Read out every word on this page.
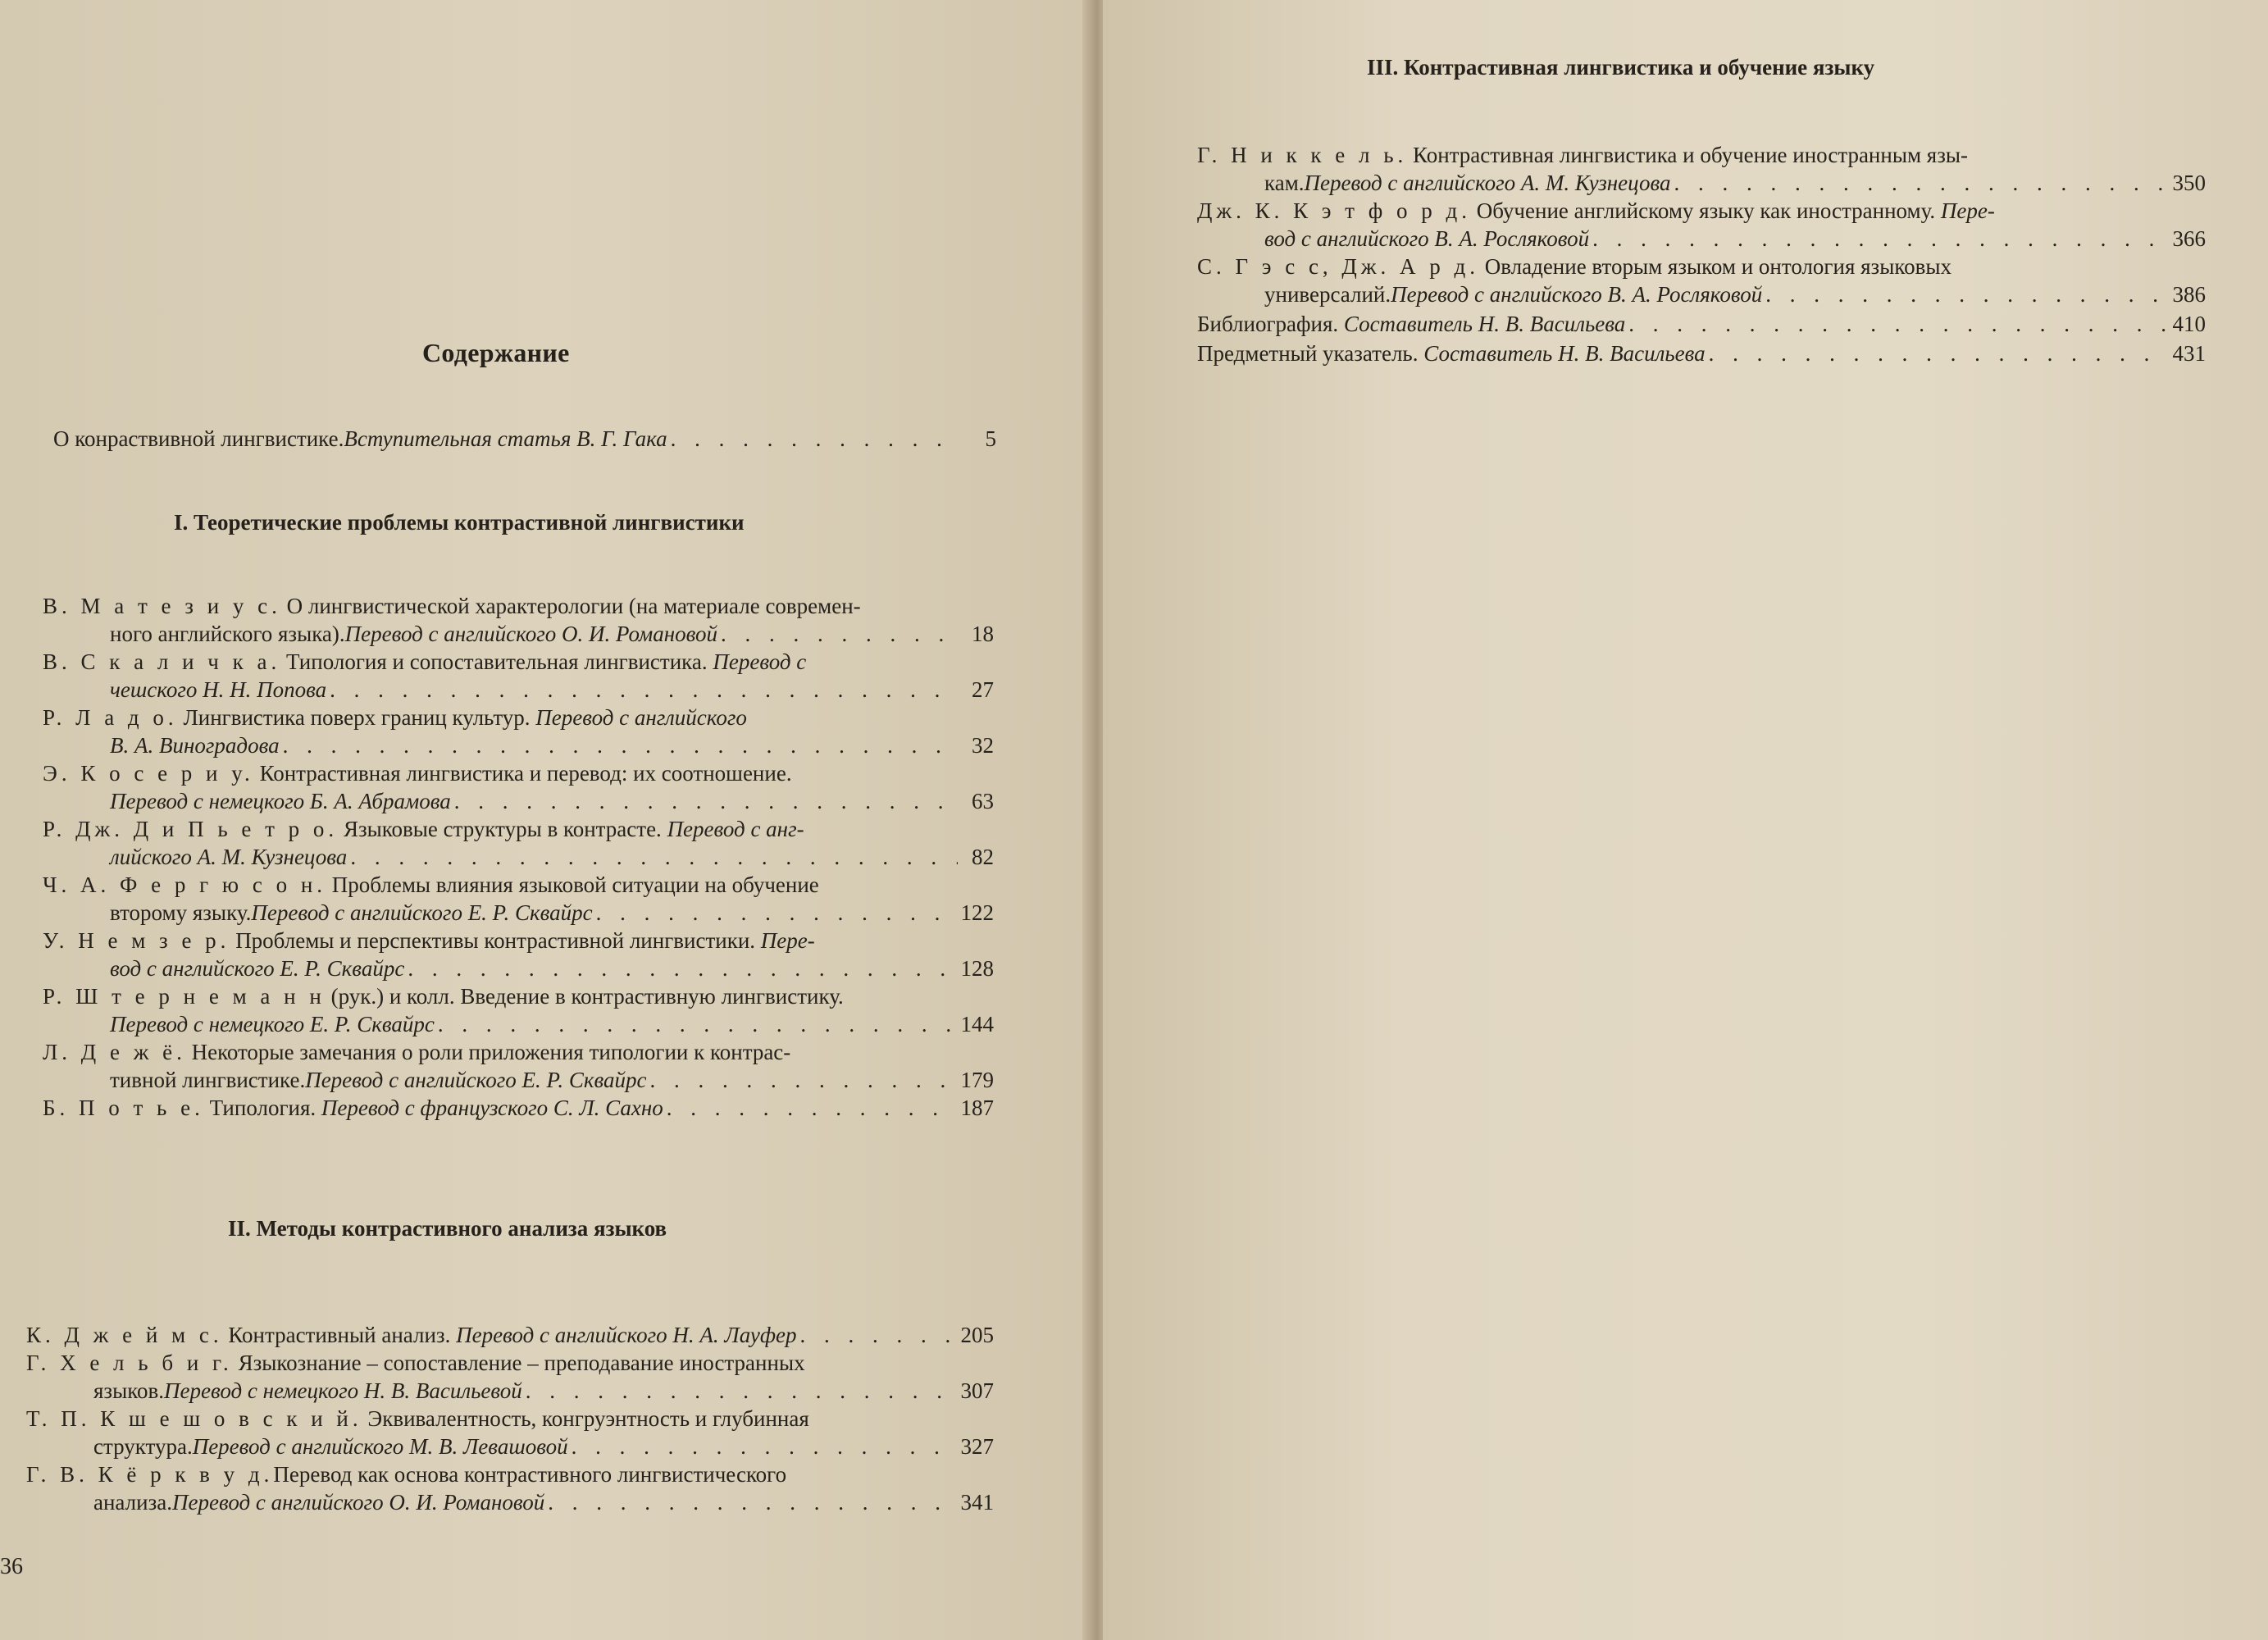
Содержание
О конраствивной лингвистике. Вступительная статья В. Г. Гака . . .	5
I. Теоретические проблемы контрастивной лингвистики
В. М а т е з и у с. О лингвистической характерологии (на материале современ-
ного английского языка). Перевод с английского О. И. Романовой . . .	18
В. С к а л и ч к а. Типология и сопоставительная лингвистика. Перевод с
чешского Н. Н. Попова . . .	27
Р. Л а д о. Лингвистика поверх границ культур. Перевод с английского
В. А. Виноградова . . .	32
Э. К о с е р и у. Контрастивная лингвистика и перевод: их соотношение.
Перевод с немецкого Б. А. Абрамова . . .	63
Р. Дж. Д и П ь е т р о. Языковые структуры в контрасте. Перевод с анг-
лийского А. М. Кузнецова . . .	82
Ч. А. Ф е р г ю с о н. Проблемы влияния языковой ситуации на обучение
второму языку. Перевод с английского Е. Р. Сквайрс . . .	122
У. Н е м з е р. Проблемы и перспективы контрастивной лингвистики. Пере-
вод с английского Е. Р. Сквайрс . . .	128
Р. Ш т е р н е м а н н (рук.) и колл. Введение в контрастивную лингвистику.
Перевод с немецкого Е. Р. Сквайрс . . .	144
Л. Д е ж ё. Некоторые замечания о роли приложения типологии к контрас-
тивной лингвистике. Перевод с английского Е. Р. Сквайрс . . .	179
Б. П о т ь е. Типология. Перевод с французского С. Л. Сахно . . .	187
II. Методы контрастивного анализа языков
К. Д ж е й м с. Контрастивный анализ. Перевод с английского Н. А. Лауфер . . .	205
Г. Х е л ь б и г. Языкознание – сопоставление – преподавание иностранных
языков. Перевод с немецкого Н. В. Васильевой . . .	307
Т. П. К ш е ш о в с к и й. Эквивалентность, конгруэнтность и глубинная
структура. Перевод с английского М. В. Левашовой . . .	327
Г. В. К ё р к в у д.Перевод как основа контрастивного лингвистического
анализа. Перевод с английского О. И. Романовой . . .	341
36
III. Контрастивная лингвистика и обучение языку
Г. Н и к к е л ь. Контрастивная лингвистика и обучение иностранным язы-
кам. Перевод с английского А. М. Кузнецова . . .	350
Дж. К. К э т ф о р д. Обучение английскому языку как иностранному. Пере-
вод с английского В. А. Росляковой . . .	366
С. Г э с с, Дж. А р д. Овладение вторым языком и онтология языковых
универсалий. Перевод с английского В. А. Росляковой . . .	386
Библиография. Составитель Н. В. Васильева . . .	410
Предметный указатель. Составитель Н. В. Васильева . . .	431
